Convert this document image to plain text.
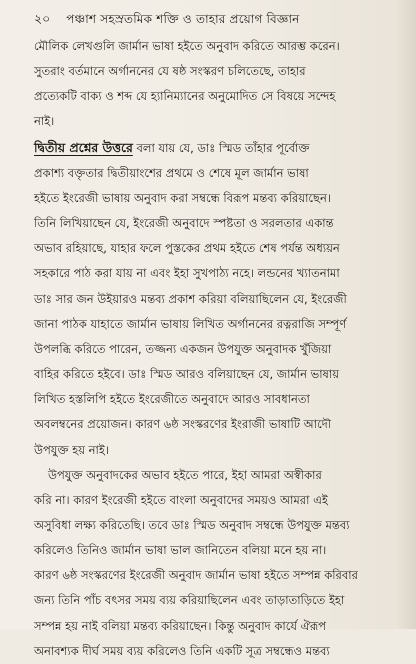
২০ পঞ্চাশ সহস্রতমিক শক্তি ও তাহার প্রয়োগ বিজ্ঞান
মৌলিক লেখগুলি জার্মান ভাষা হইতে অনুবাদ করিতে আরম্ভ করেন।
সুতরাং বর্তমানে অর্গাননের যে ষষ্ঠ সংস্করণ চলিতেছে, তাহার
প্রত্যেকটি বাক্য ও শব্দ যে হ্যানিম্যানের অনুমোদিত সে বিষয়ে সন্দেহ
নাই।
দ্বিতীয় প্রশ্নের উত্তরে বলা যায় যে, ডাঃ স্মিড তাঁহার পূর্বোক্ত
প্রকাশ্য বক্তৃতার দ্বিতীয়াংশের প্রথমে ও শেষে মূল জার্মান ভাষা
হইতে ইংরেজী ভাষায় অনুবাদ করা সম্বন্ধে বিরূপ মন্তব্য করিয়াছেন।
তিনি লিখিয়াছেন যে, ইংরেজী অনুবাদে স্পষ্টতা ও সরলতার একান্ত
অভাব রহিয়াছে, যাহার ফলে পুস্তকের প্রথম হইতে শেষ পর্যন্ত অধ্যয়ন
সহকারে পাঠ করা যায় না এবং ইহা সুখপাঠ্য নহে। লন্ডনের খ্যাতনামা
ডাঃ সার জন উইয়ারও মন্তব্য প্রকাশ করিয়া বলিয়াছিলেন যে, ইংরেজী
জানা পাঠক যাহাতে জার্মান ভাষায় লিখিত অর্গাননের রত্নরাজি সম্পূর্ণ
উপলব্ধি করিতে পারেন, তজ্জন্য একজন উপযুক্ত অনুবাদক খুঁজিয়া
বাহির করিতে হইবে। ডাঃ স্মিড আরও বলিয়াছেন যে, জার্মান ভাষায়
লিখিত হস্তলিপি হইতে ইংরেজীতে অনুবাদে আরও সাবধানতা
অবলম্বনের প্রয়োজন। কারণ ৬ষ্ঠ সংস্করণের ইংরাজী ভাষাটি আদৌ
উপযুক্ত হয় নাই।
উপযুক্ত অনুবাদকের অভাব হইতে পারে, ইহা আমরা অস্বীকার
করি না। কারণ ইংরেজী হইতে বাংলা অনুবাদের সময়ও আমরা এই
অসুবিধা লক্ষ্য করিতেছি। তবে ডাঃ স্মিড অনুবাদ সম্বন্ধে উপযুক্ত মন্তব্য
করিলেও তিনিও জার্মান ভাষা ভাল জানিতেন বলিয়া মনে হয় না।
কারণ ৬ষ্ঠ সংস্করণের ইংরেজী অনুবাদ জার্মান ভাষা হইতে সম্পন্ন করিবার
জন্য তিনি পাঁচ বৎসর সময় ব্যয় করিয়াছিলেন এবং তাড়াতাড়িতে ইহা
সম্পন্ন হয় নাই বলিয়া মন্তব্য করিয়াছেন। কিন্তু অনুবাদ কার্যে ঐরূপ
অনাবশ্যক দীর্ঘ সময় ব্যয় করিলেও তিনি একটি সূত্র সম্বন্ধেও মন্তব্য
